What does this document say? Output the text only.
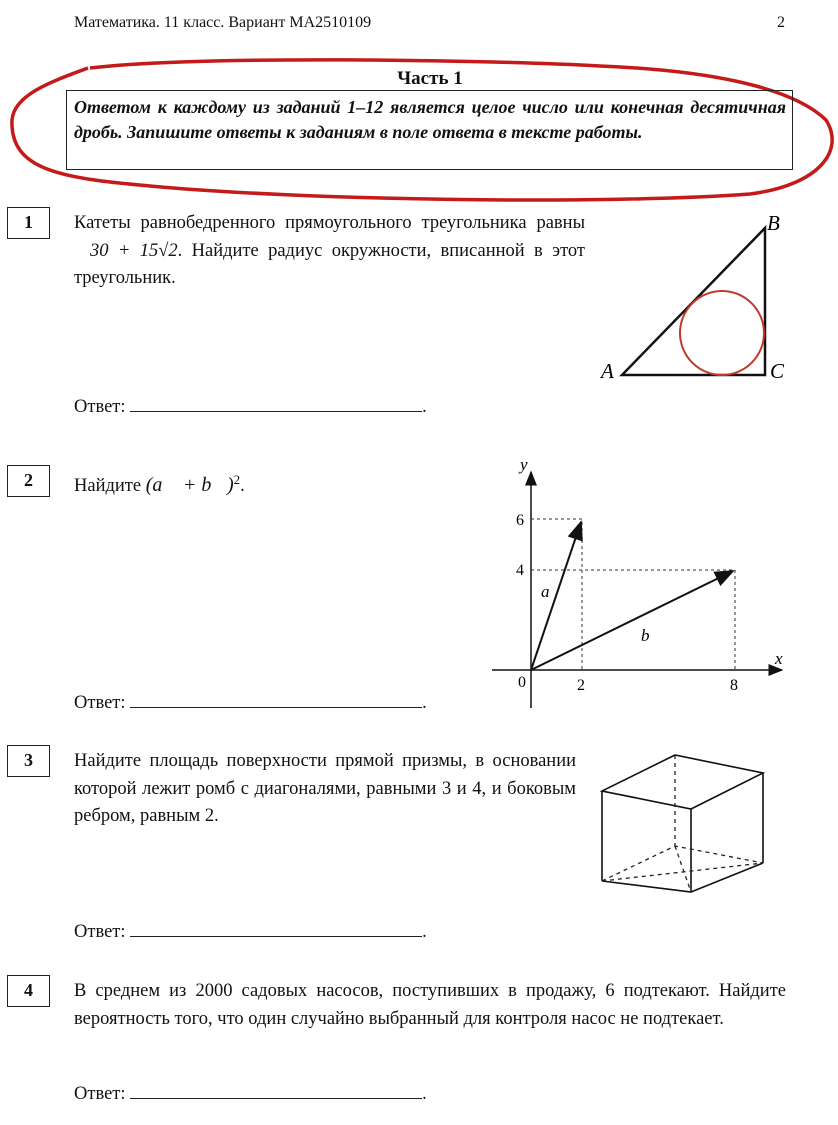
Математика. 11 класс. Вариант МА2510109	2
Часть 1
Ответом к каждому из заданий 1–12 является целое число или конечная десятичная дробь. Запишите ответы к заданиям в поле ответа в тексте работы.
1	Катеты равнобедренного прямоугольного треугольника равны 30 + 15√2. Найдите радиус окружности, вписанной в этот треугольник.
B
A	C
Ответ:	.
2	Найдите (a⃗ + b⃗)$^2$.
y
x
6
4
0	2	8
a⃗
b⃗
Ответ:	.
3	Найдите площадь поверхности прямой призмы, в основании которой лежит ромб с диагоналями, равными 3 и 4, и боковым ребром, равным 2.
Ответ:	.
4	В среднем из 2000 садовых насосов, поступивших в продажу, 6 подтекают. Найдите вероятность того, что один случайно выбранный для контроля насос не подтекает.
Ответ:	.
